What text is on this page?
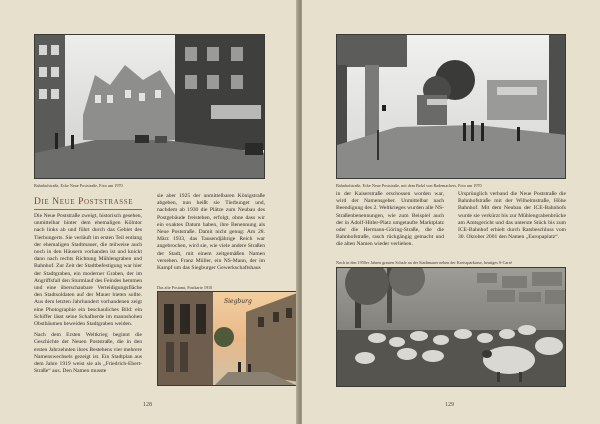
Bahnhofstraße, Ecke Neue Poststraße, Foto um 1970
Die Neue Poststrasse

Die Neue Poststraße zweigt, historisch gesehen, unmittelbar hinter dem ehemaligen Kölntor nach links ab und führt durch das Gebiet des Tierbungerts. Sie verläuft im ersten Teil entlang der ehemaligen Stadtmauer, die teilweise auch noch in den Häusern vorhanden ist und knickt dann nach rechts Richtung Mühlengraben und Bahnhof. Zur Zeit der Stadtbefestigung war hier der Stadtgraben, ein moderner Graben, der im Angriffsfall den Sturmlauf des Feindes hemmen und eine überschaubare Verteidigungsfläche den Stadtsoldaten auf der Mauer bieten sollte. Aus dem letzten Jahrhundert vorhandenen zeigt eine Photographie ein beschauliches Bild: ein Schiffer lässt seine Schafherde im mannshohen Obstbäumen beweiden Stadtgraben weiden.

Nach dem Ersten Weltkrieg beginnt die Geschichte der Neuen Poststraße, die in den ersten Jahrzehnten ihres Bestehens vier mehrere Namenswechsels gezeigt ist. Ein Stadtplan aus dem Jahre 1919 weist sie als „Friedrich-Ebert-Straße“ aus. Den Namen musste

sie aber 1925 der unmittelbaren Königstraße abgeben, nun heißt sie Tierbunget und, nachdem ab 1930 die Plätze zum Neubau des Postgebäude freistehen, erfolgt, ohne dass wir ein exaktes Datum haben, ihre Benennung als Neue Poststraße. Damit nicht genug: Am 28. März 1933, das Tausendjährige Reich war angebrochen, wird sie, wie viele andere Straßen der Stadt, mit einem zeitgemäßen Namen versehen. Franz Müller, ein NS-Mann, der im Kampf um das Siegburger Gewerkschaftshaus

Das alte Postamt, Postkarte 1910
Siegburg
128
Bahnhofstraße, Ecke Neue Poststraße, mit dem Bolzl von Rademachers, Foto um 1970

in der Kaiserstraße erschossen worden war, wird der Namensgeber. Unmittelbar nach Beendigung des 2. Weltkrieges wurden alle NS-Straßenbenennungen, wie zum Beispiel auch der in Adolf-Hitler-Platz umgetaufte Marktplatz oder die Hermann-Göring-Straße, die die Bahnhofstraße, rasch rückgängig gemacht und die alten Namen wieder verliehen.

Ursprünglich verband die Neue Poststraße die Bahnhofstraße mit der Wilhelmstraße, Höhe Bahnhof. Mit dem Neubau der ICE-Bahnhofs wurde sie verkürzt bis zur Mühlengrabenbrücke am Amtsgericht und das unterste Stück bis zum ICE-Bahnhof erhielt durch Ratsbeschluss vom 30. Oktober 2001 den Namen „Europaplatz“.

Noch in den 1950er Jahren grasten Schafe an der Stadtmauer neben der Kreissparkasse, heutiges S-Carré
129
